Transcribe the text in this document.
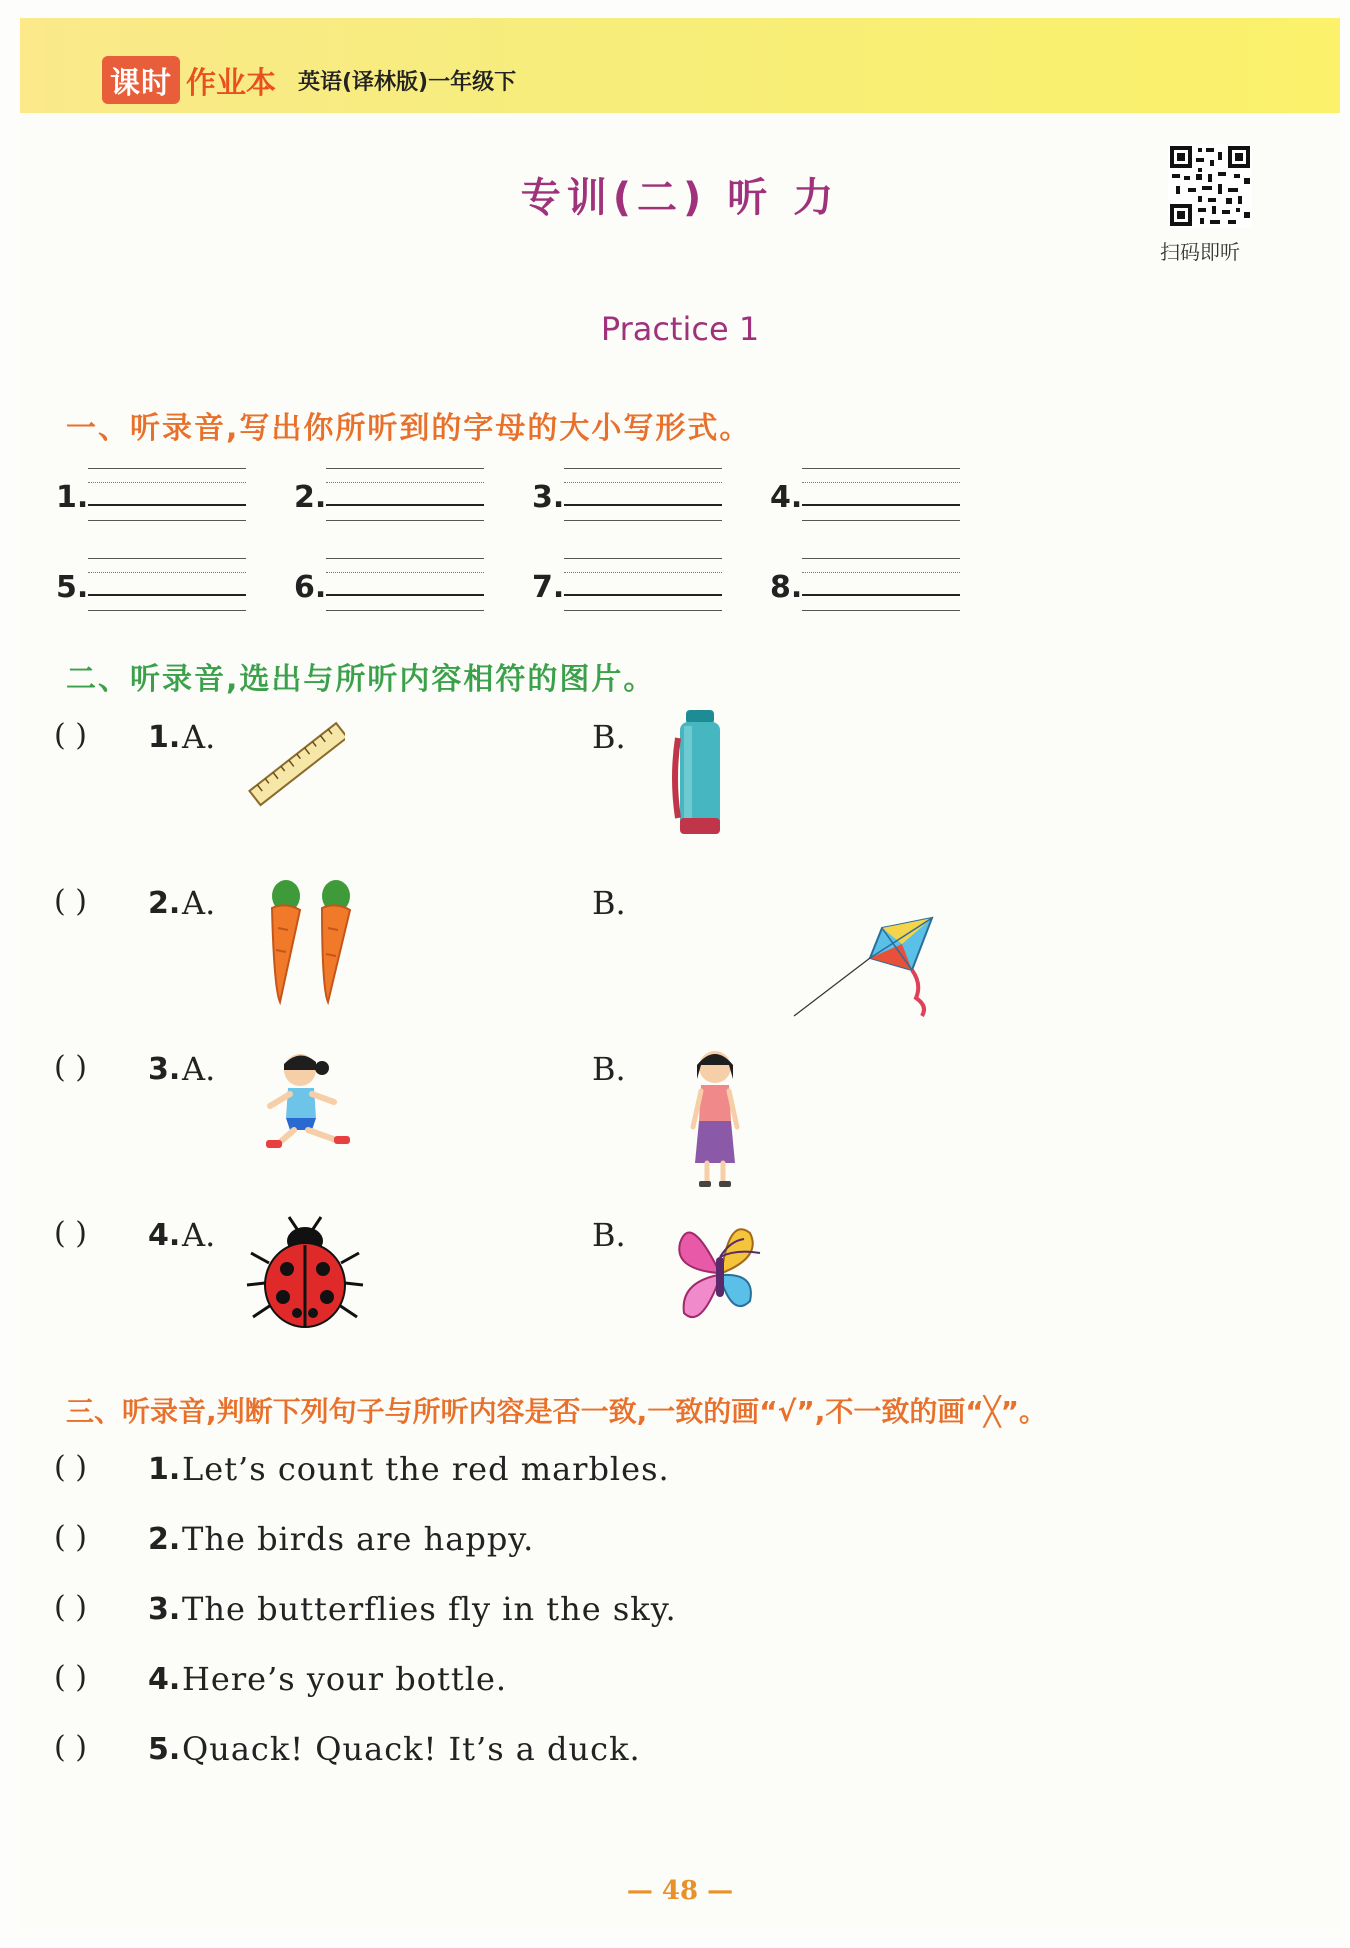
课时 作业本 英语(译林版)一年级下
专训(二) 听 力
扫码即听
Practice 1
一、听录音,写出你所听到的字母的大小写形式。
1.	2.	3.	4.
5.	6.	7.	8.
二、听录音,选出与所听内容相符的图片。
( ) 1. A.	B.
( ) 2. A.	B.
( ) 3. A.	B.
( ) 4. A.	B.
三、听录音,判断下列句子与所听内容是否一致,一致的画“√”,不一致的画“╳”。
( ) 1. Let’s count the red marbles.
( ) 2. The birds are happy.
( ) 3. The butterflies fly in the sky.
( ) 4. Here’s your bottle.
( ) 5. Quack! Quack! It’s a duck.
— 48 —
